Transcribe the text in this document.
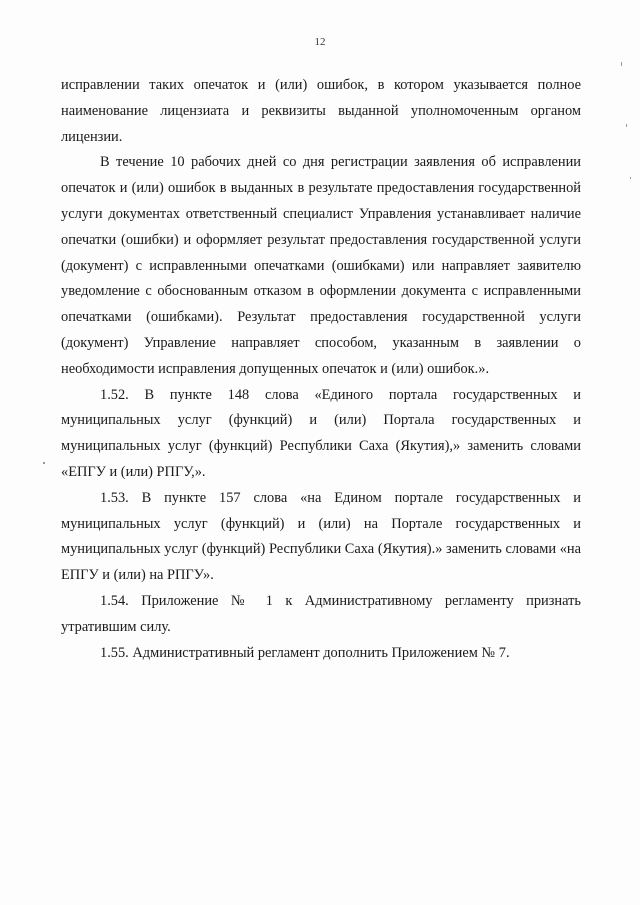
12

исправлении таких опечаток и (или) ошибок, в котором указывается полное наименование лицензиата и реквизиты выданной уполномоченным органом лицензии.

В течение 10 рабочих дней со дня регистрации заявления об исправлении опечаток и (или) ошибок в выданных в результате предоставления государственной услуги документах ответственный специалист Управления устанавливает наличие опечатки (ошибки) и оформляет результат предоставления государственной услуги (документ) с исправленными опечатками (ошибками) или направляет заявителю уведомление с обоснованным отказом в оформлении документа с исправленными опечатками (ошибками). Результат предоставления государственной услуги (документ) Управление направляет способом, указанным в заявлении о необходимости исправления допущенных опечаток и (или) ошибок.».

1.52. В пункте 148 слова «Единого портала государственных и муниципальных услуг (функций) и (или) Портала государственных и муниципальных услуг (функций) Республики Саха (Якутия),» заменить словами «ЕПГУ и (или) РПГУ,».

1.53. В пункте 157 слова «на Едином портале государственных и муниципальных услуг (функций) и (или) на Портале государственных и муниципальных услуг (функций) Республики Саха (Якутия).» заменить словами «на ЕПГУ и (или) на РПГУ».

1.54. Приложение № 1 к Административному регламенту признать утратившим силу.

1.55. Административный регламент дополнить Приложением № 7.
